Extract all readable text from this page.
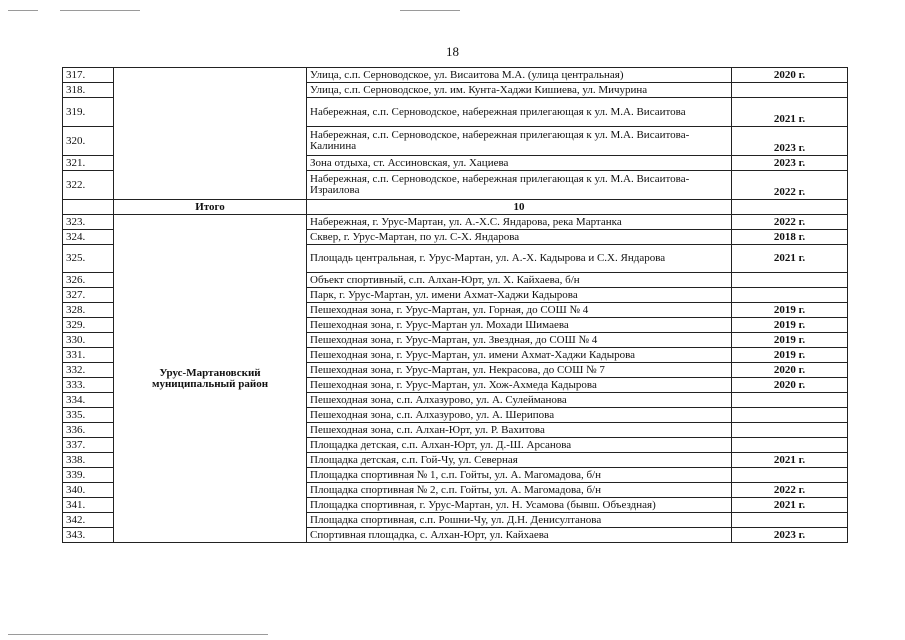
18
317.		Улица, с.п. Серноводское, ул. Висаитова М.А. (улица центральная)	2020 г.
318.		Улица, с.п. Серноводское, ул. им. Кунта-Хаджи Кишиева, ул. Мичурина	
319.		Набережная, с.п. Серноводское, набережная прилегающая к ул. М.А. Висаитова	2021 г.
320.		Набережная, с.п. Серноводское, набережная прилегающая к ул. М.А. Висаитова-Калинина	2023 г.
321.		Зона отдыха, ст. Ассиновская, ул. Хациева	2023 г.
322.		Набережная, с.п. Серноводское, набережная прилегающая к ул. М.А. Висаитова-Израилова	2022 г.
	Итого	10	
323.	Урус-Мартановский муниципальный район	Набережная, г. Урус-Мартан, ул. А.-Х.С. Яндарова, река Мартанка	2022 г.
324.		Сквер, г. Урус-Мартан, по ул. С-Х. Яндарова	2018 г.
325.		Площадь центральная, г. Урус-Мартан, ул. А.-Х. Кадырова и С.Х. Яндарова	2021 г.
326.		Объект спортивный, с.п. Алхан-Юрт, ул. Х. Кайхаева, б/н	
327.		Парк, г. Урус-Мартан, ул. имени Ахмат-Хаджи Кадырова	
328.		Пешеходная зона, г. Урус-Мартан, ул. Горная, до СОШ № 4	2019 г.
329.		Пешеходная зона, г. Урус-Мартан ул. Мохади Шимаева	2019 г.
330.		Пешеходная зона, г. Урус-Мартан, ул. Звездная, до СОШ № 4	2019 г.
331.		Пешеходная зона, г. Урус-Мартан, ул. имени Ахмат-Хаджи Кадырова	2019 г.
332.		Пешеходная зона, г. Урус-Мартан, ул. Некрасова, до СОШ № 7	2020 г.
333.		Пешеходная зона, г. Урус-Мартан, ул. Хож-Ахмеда Кадырова	2020 г.
334.		Пешеходная зона, с.п. Алхазурово, ул. А. Сулейманова	
335.		Пешеходная зона, с.п. Алхазурово, ул. А. Шерипова	
336.		Пешеходная зона, с.п. Алхан-Юрт, ул. Р. Вахитова	
337.		Площадка детская, с.п. Алхан-Юрт, ул. Д.-Ш. Арсанова	
338.		Площадка детская, с.п. Гой-Чу, ул. Северная	2021 г.
339.		Площадка спортивная № 1, с.п. Гойты, ул. А. Магомадова, б/н	
340.		Площадка спортивная № 2, с.п. Гойты, ул. А. Магомадова, б/н	2022 г.
341.		Площадка спортивная, г. Урус-Мартан, ул. Н. Усамова (бывш. Объездная)	2021 г.
342.		Площадка спортивная, с.п. Рошни-Чу, ул. Д.Н. Денисултанова	
343.		Спортивная площадка, с. Алхан-Юрт, ул. Кайхаева	2023 г.
